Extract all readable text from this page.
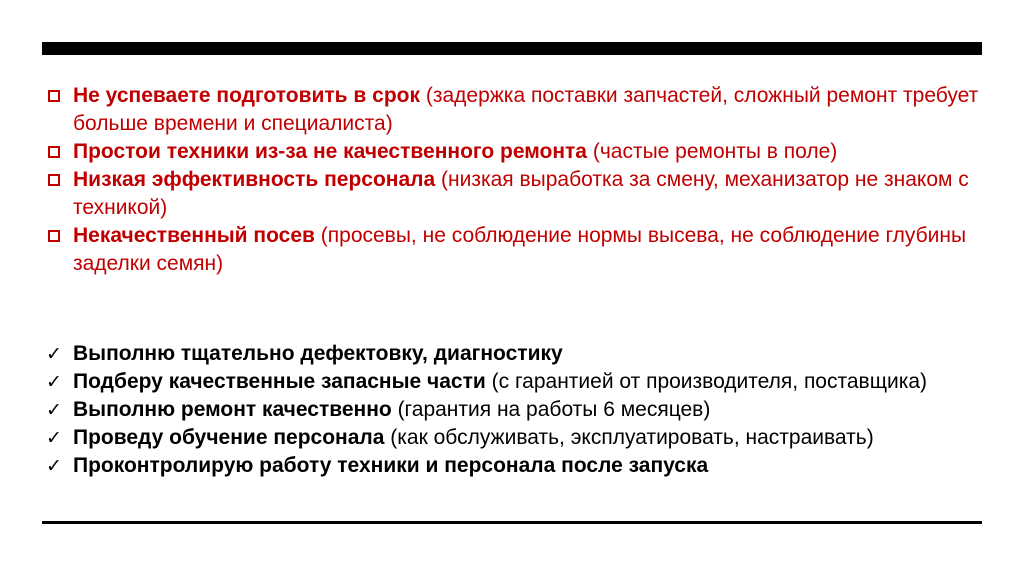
Не успеваете подготовить в срок (задержка поставки запчастей, сложный ремонт требует больше времени и специалиста)
Простои техники из-за не качественного ремонта (частые ремонты в поле)
Низкая эффективность персонала (низкая выработка за смену, механизатор не знаком с техникой)
Некачественный посев (просевы, не соблюдение нормы высева, не соблюдение глубины заделки семян)
✓ Выполню тщательно дефектовку, диагностику
✓ Подберу качественные запасные части (с гарантией от производителя, поставщика)
✓ Выполню ремонт качественно (гарантия на работы 6 месяцев)
✓ Проведу обучение персонала (как обслуживать, эксплуатировать, настраивать)
✓ Проконтролирую работу техники и персонала после запуска
